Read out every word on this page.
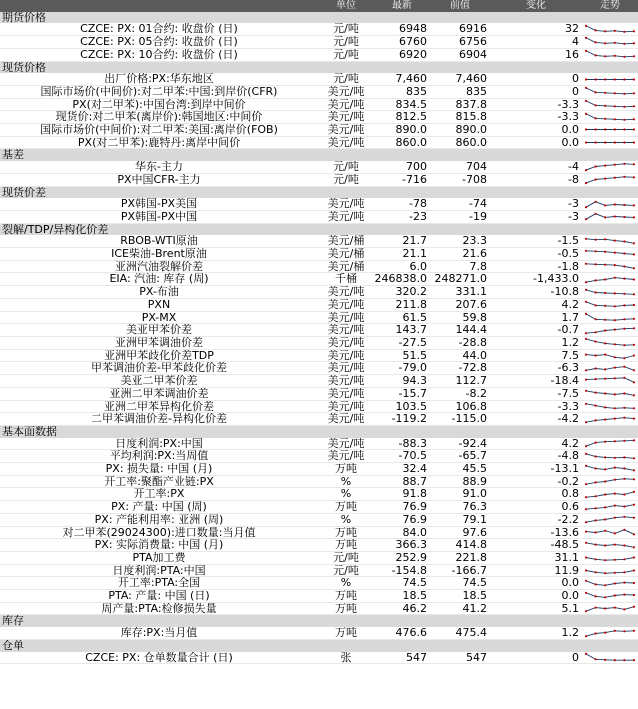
	单位	最新	前值	变化	走势
期货价格					
CZCE: PX: 01合约: 收盘价 (日)	元/吨	6948	6916	32	

CZCE: PX: 05合约: 收盘价 (日)	元/吨	6760	6756	4	

CZCE: PX: 10合约: 收盘价 (日)	元/吨	6920	6904	16	

现货价格					
出厂价格:PX:华东地区	元/吨	7,460	7,460	0	

国际市场价(中间价):对二甲苯:中国:到岸价(CFR)	美元/吨	835	835	0	

PX(对二甲苯):中国台湾:到岸中间价	美元/吨	834.5	837.8	-3.3	

现货价:对二甲苯(离岸价):韩国地区:中间价	美元/吨	812.5	815.8	-3.3	

国际市场价(中间价):对二甲苯:美国:离岸价(FOB)	美元/吨	890.0	890.0	0.0	

PX(对二甲苯):鹿特丹:离岸中间价	美元/吨	860.0	860.0	0.0	

基差					
华东-主力	元/吨	700	704	-4	

PX中国CFR-主力	元/吨	-716	-708	-8	

现货价差					
PX韩国-PX美国	美元/吨	-78	-74	-3	

PX韩国-PX中国	美元/吨	-23	-19	-3	

裂解/TDP/异构化价差					
RBOB-WTI原油	美元/桶	21.7	23.3	-1.5	

ICE柴油-Brent原油	美元/桶	21.1	21.6	-0.5	

亚洲汽油裂解价差	美元/桶	6.0	7.8	-1.8	

EIA: 汽油: 库存 (周)	千桶	246838.0	248271.0	-1,433.0	

PX-布油	美元/吨	320.2	331.1	-10.8	

PXN	美元/吨	211.8	207.6	4.2	

PX-MX	美元/吨	61.5	59.8	1.7	

美亚甲苯价差	美元/吨	143.7	144.4	-0.7	

亚洲甲苯调油价差	美元/吨	-27.5	-28.8	1.2	

亚洲甲苯歧化价差TDP	美元/吨	51.5	44.0	7.5	

甲苯调油价差-甲苯歧化价差	美元/吨	-79.0	-72.8	-6.3	

美亚二甲苯价差	美元/吨	94.3	112.7	-18.4	

亚洲二甲苯调油价差	美元/吨	-15.7	-8.2	-7.5	

亚洲二甲苯异构化价差	美元/吨	103.5	106.8	-3.3	

二甲苯调油价差-异构化价差	美元/吨	-119.2	-115.0	-4.2	

基本面数据					
日度利润:PX:中国	美元/吨	-88.3	-92.4	4.2	

平均利润:PX:当周值	美元/吨	-70.5	-65.7	-4.8	

PX: 损失量: 中国 (月)	万吨	32.4	45.5	-13.1	

开工率:聚酯产业链:PX	%	88.7	88.9	-0.2	

开工率:PX	%	91.8	91.0	0.8	

PX: 产量: 中国 (周)	万吨	76.9	76.3	0.6	

PX: 产能利用率: 亚洲 (周)	%	76.9	79.1	-2.2	

对二甲苯(29024300):进口数量:当月值	万吨	84.0	97.6	-13.6	

PX: 实际消费量: 中国 (月)	万吨	366.3	414.8	-48.5	

PTA加工费	元/吨	252.9	221.8	31.1	

日度利润:PTA:中国	元/吨	-154.8	-166.7	11.9	

开工率:PTA:全国	%	74.5	74.5	0.0	

PTA: 产量: 中国 (日)	万吨	18.5	18.5	0.0	

周产量:PTA:检修损失量	万吨	46.2	41.2	5.1	

库存					
库存:PX:当月值	万吨	476.6	475.4	1.2	

仓单					
CZCE: PX: 仓单数量合计 (日)	张	547	547	0	
